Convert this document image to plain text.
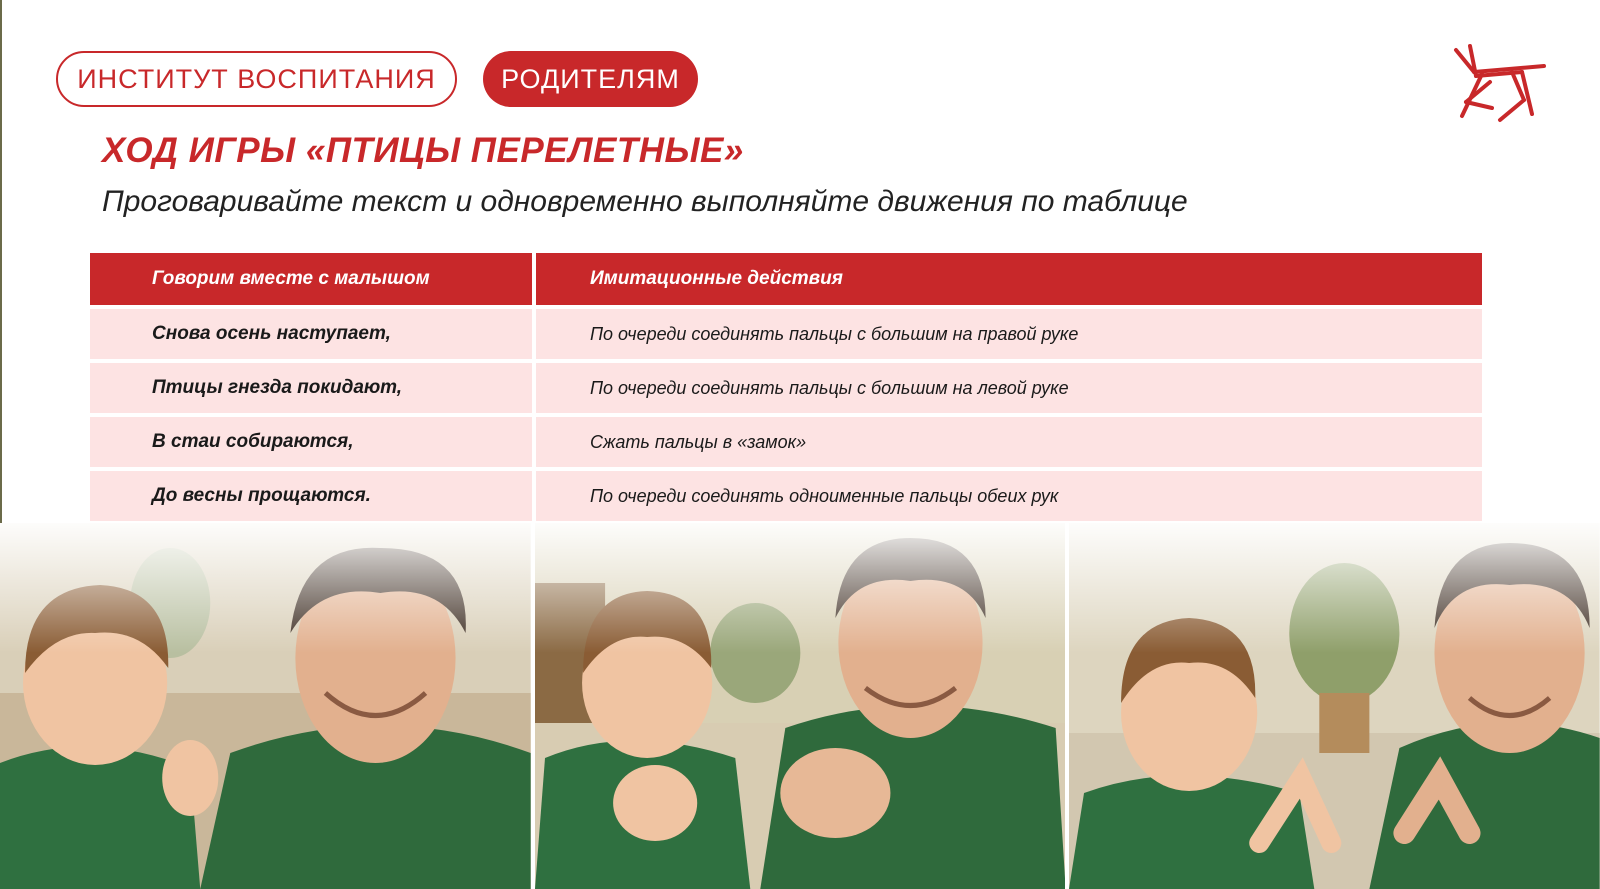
ИНСТИТУТ ВОСПИТАНИЯ РОДИТЕЛЯМ
ХОД ИГРЫ «ПТИЦЫ ПЕРЕЛЕТНЫЕ»

Проговаривайте текст и одновременно выполняйте движения по таблице

Говорим вместе с малышом	Имитационные действия
Снова осень наступает,	По очереди соединять пальцы с большим на правой руке
Птицы гнезда покидают,	По очереди соединять пальцы с большим на левой руке
В стаи собираются,	Сжать пальцы в «замок»
До весны прощаются.	По очереди соединять одноименные пальцы обеих рук
